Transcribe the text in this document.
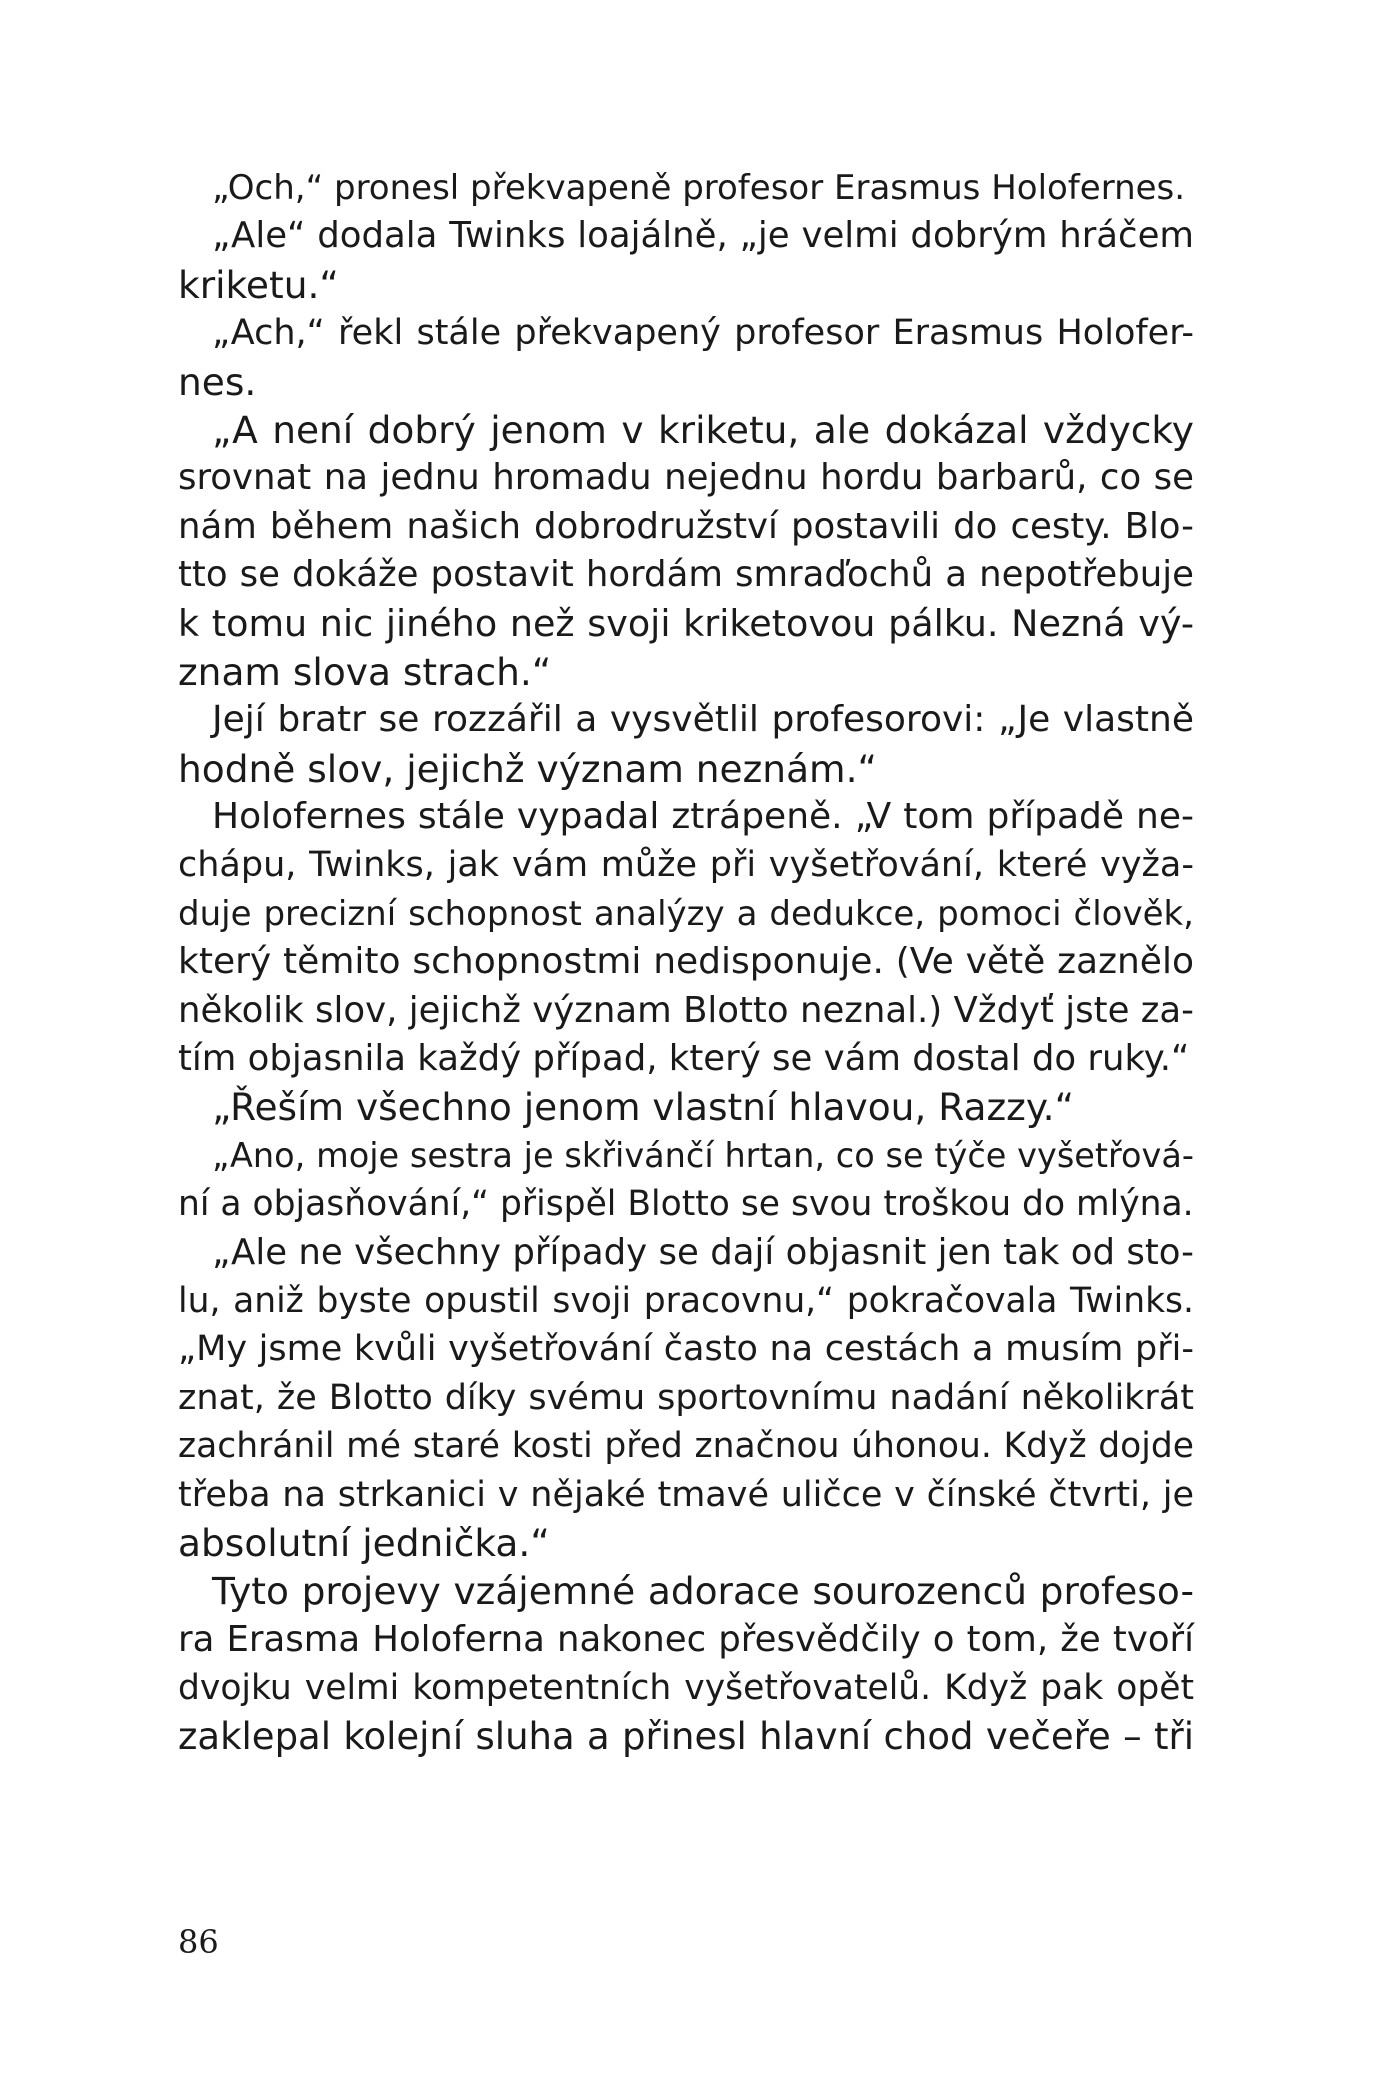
„Och,“ pronesl překvapeně profesor Erasmus Holofernes.
„Ale“ dodala Twinks loajálně, „je velmi dobrým hráčem
kriketu.“
„Ach,“ řekl stále překvapený profesor Erasmus Holofer-
nes.
„A není dobrý jenom v kriketu, ale dokázal vždycky
srovnat na jednu hromadu nejednu hordu barbarů, co se
nám během našich dobrodružství postavili do cesty. Blo-
tto se dokáže postavit hordám smraďochů a nepotřebuje
k tomu nic jiného než svoji kriketovou pálku. Nezná vý-
znam slova strach.“
Její bratr se rozzářil a vysvětlil profesorovi: „Je vlastně
hodně slov, jejichž význam neznám.“
Holofernes stále vypadal ztrápeně. „V tom případě ne-
chápu, Twinks, jak vám může při vyšetřování, které vyža-
duje precizní schopnost analýzy a dedukce, pomoci člověk,
který těmito schopnostmi nedisponuje. (Ve větě zaznělo
několik slov, jejichž význam Blotto neznal.) Vždyť jste za-
tím objasnila každý případ, který se vám dostal do ruky.“
„Řeším všechno jenom vlastní hlavou, Razzy.“
„Ano, moje sestra je skřivánčí hrtan, co se týče vyšetřová-
ní a objasňování,“ přispěl Blotto se svou troškou do mlýna.
„Ale ne všechny případy se dají objasnit jen tak od sto-
lu, aniž byste opustil svoji pracovnu,“ pokračovala Twinks.
„My jsme kvůli vyšetřování často na cestách a musím při-
znat, že Blotto díky svému sportovnímu nadání několikrát
zachránil mé staré kosti před značnou úhonou. Když dojde
třeba na strkanici v nějaké tmavé uličce v čínské čtvrti, je
absolutní jednička.“
Tyto projevy vzájemné adorace sourozenců profeso-
ra Erasma Holoferna nakonec přesvědčily o tom, že tvoří
dvojku velmi kompetentních vyšetřovatelů. Když pak opět
zaklepal kolejní sluha a přinesl hlavní chod večeře – tři
86
